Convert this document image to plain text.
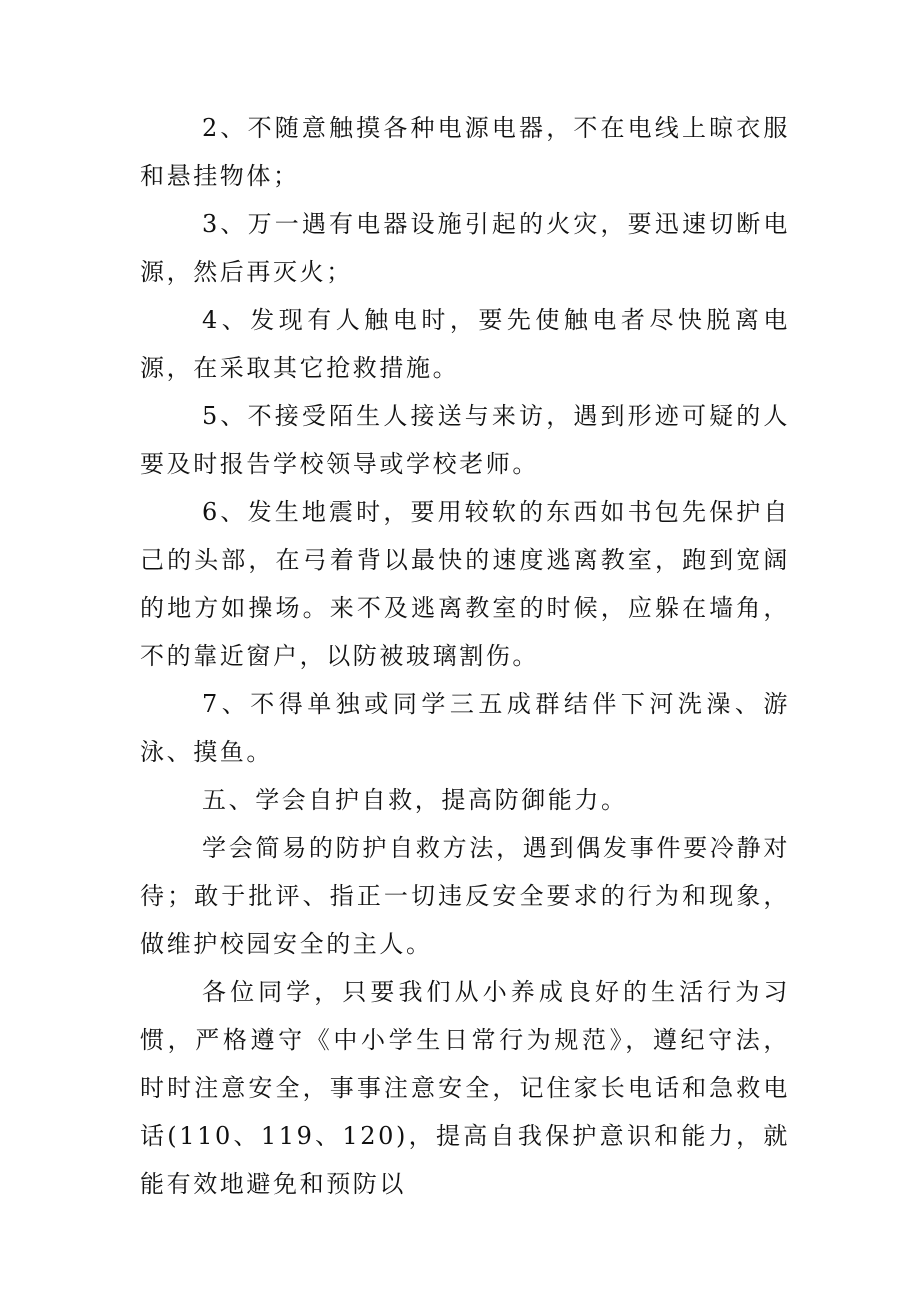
2、不随意触摸各种电源电器，不在电线上晾衣服和悬挂物体；

3、万一遇有电器设施引起的火灾，要迅速切断电源，然后再灭火；

4、发现有人触电时，要先使触电者尽快脱离电源，在采取其它抢救措施。

5、不接受陌生人接送与来访，遇到形迹可疑的人要及时报告学校领导或学校老师。

6、发生地震时，要用较软的东西如书包先保护自己的头部，在弓着背以最快的速度逃离教室，跑到宽阔的地方如操场。来不及逃离教室的时候，应躲在墙角，不的靠近窗户，以防被玻璃割伤。

7、不得单独或同学三五成群结伴下河洗澡、游泳、摸鱼。

五、学会自护自救，提高防御能力。

学会简易的防护自救方法，遇到偶发事件要冷静对待；敢于批评、指正一切违反安全要求的行为和现象，做维护校园安全的主人。

各位同学，只要我们从小养成良好的生活行为习惯，严格遵守《中小学生日常行为规范》，遵纪守法，时时注意安全，事事注意安全，记住家长电话和急救电话(110、119、120)，提高自我保护意识和能力，就能有效地避免和预防以
